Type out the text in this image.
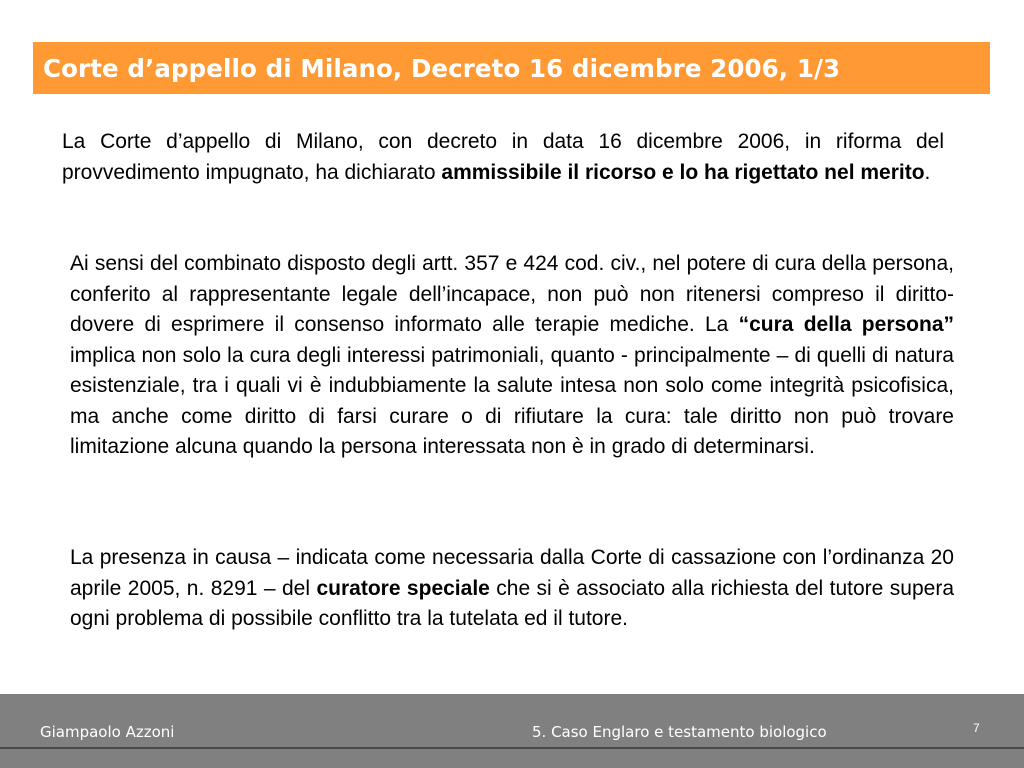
Corte d’appello di Milano, Decreto 16 dicembre 2006, 1/3

La Corte d’appello di Milano, con decreto in data 16 dicembre 2006, in riforma del provvedimento impugnato, ha dichiarato ammissibile il ricorso e lo ha rigettato nel merito.

Ai sensi del combinato disposto degli artt. 357 e 424 cod. civ., nel potere di cura della persona, conferito al rappresentante legale dell’incapace, non può non ritenersi compreso il diritto-dovere di esprimere il consenso informato alle terapie mediche. La “cura della persona” implica non solo la cura degli interessi patrimoniali, quanto - principalmente – di quelli di natura esistenziale, tra i quali vi è indubbiamente la salute intesa non solo come integrità psicofisica, ma anche come diritto di farsi curare o di rifiutare la cura: tale diritto non può trovare limitazione alcuna quando la persona interessata non è in grado di determinarsi.

La presenza in causa – indicata come necessaria dalla Corte di cassazione con l’ordinanza 20 aprile 2005, n. 8291 – del curatore speciale che si è associato alla richiesta del tutore supera ogni problema di possibile conflitto tra la tutelata ed il tutore.

Giampaolo Azzoni	5. Caso Englaro e testamento biologico	7
